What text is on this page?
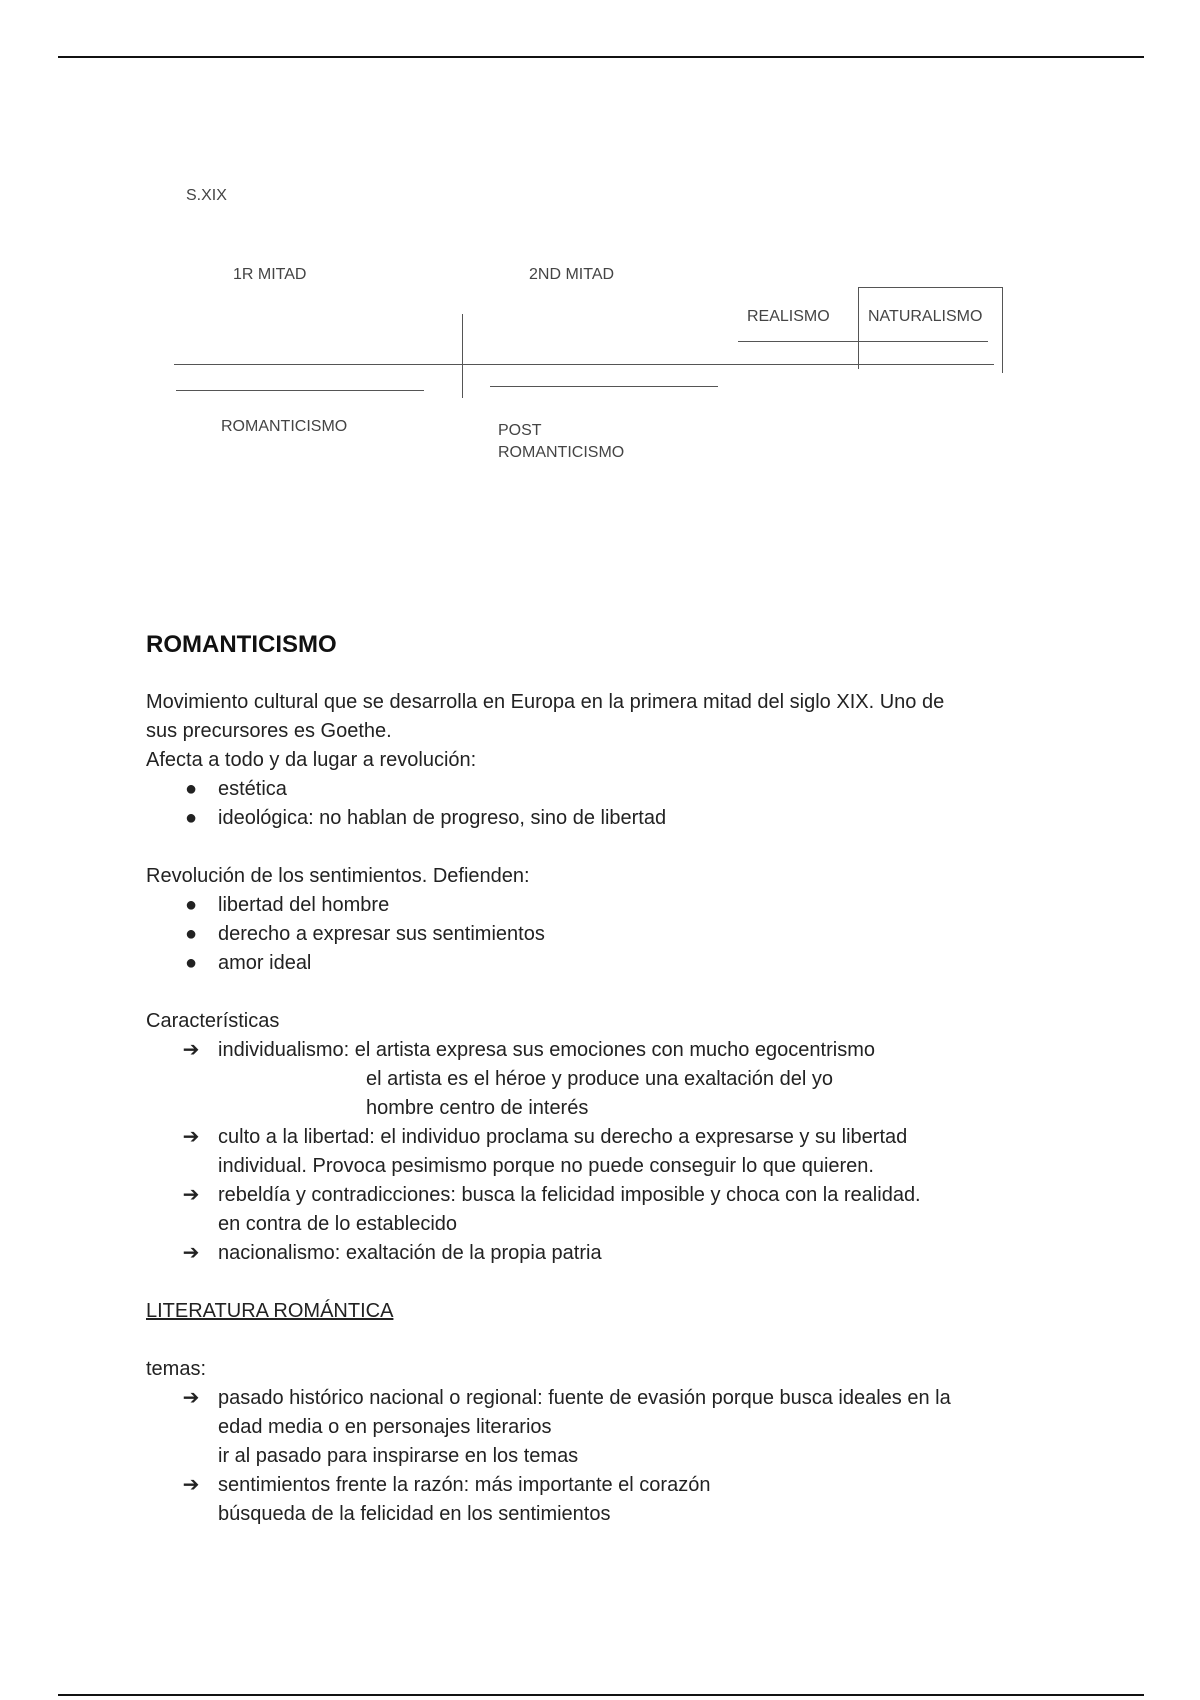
S.XIX
1R MITAD	2ND MITAD
REALISMO NATURALISMO
ROMANTICISMO	POST
ROMANTICISMO
ROMANTICISMO

Movimiento cultural que se desarrolla en Europa en la primera mitad del siglo XIX. Uno de

sus precursores es Goethe.

Afecta a todo y da lugar a revolución:

● estética
● ideológica: no hablan de progreso, sino de libertad

Revolución de los sentimientos. Defienden:

● libertad del hombre
● derecho a expresar sus sentimientos
● amor ideal

Características

➔ individualismo: el artista expresa sus emociones con mucho egocentrismo
el artista es el héroe y produce una exaltación del yo
hombre centro de interés
➔ culto a la libertad: el individuo proclama su derecho a expresarse y su libertad
individual. Provoca pesimismo porque no puede conseguir lo que quieren.
➔ rebeldía y contradicciones: busca la felicidad imposible y choca con la realidad.
en contra de lo establecido
➔ nacionalismo: exaltación de la propia patria

LITERATURA ROMÁNTICA

temas:

➔ pasado histórico nacional o regional: fuente de evasión porque busca ideales en la
edad media o en personajes literarios
ir al pasado para inspirarse en los temas
➔ sentimientos frente la razón: más importante el corazón
búsqueda de la felicidad en los sentimientos
